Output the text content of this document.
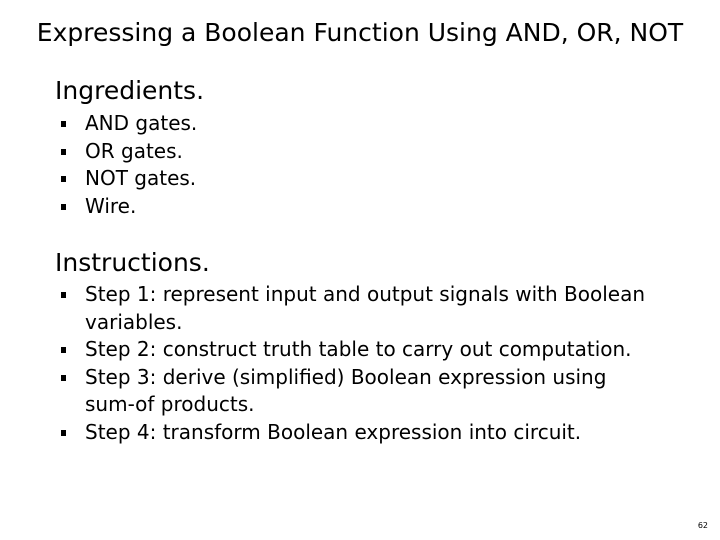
Expressing a Boolean Function Using AND, OR, NOT
Ingredients.
AND gates.
OR gates.
NOT gates.
Wire.
Instructions.
Step 1: represent input and output signals with Boolean variables.
Step 2: construct truth table to carry out computation.
Step 3: derive (simplified) Boolean expression using sum-of products.
Step 4: transform Boolean expression into circuit.
62
